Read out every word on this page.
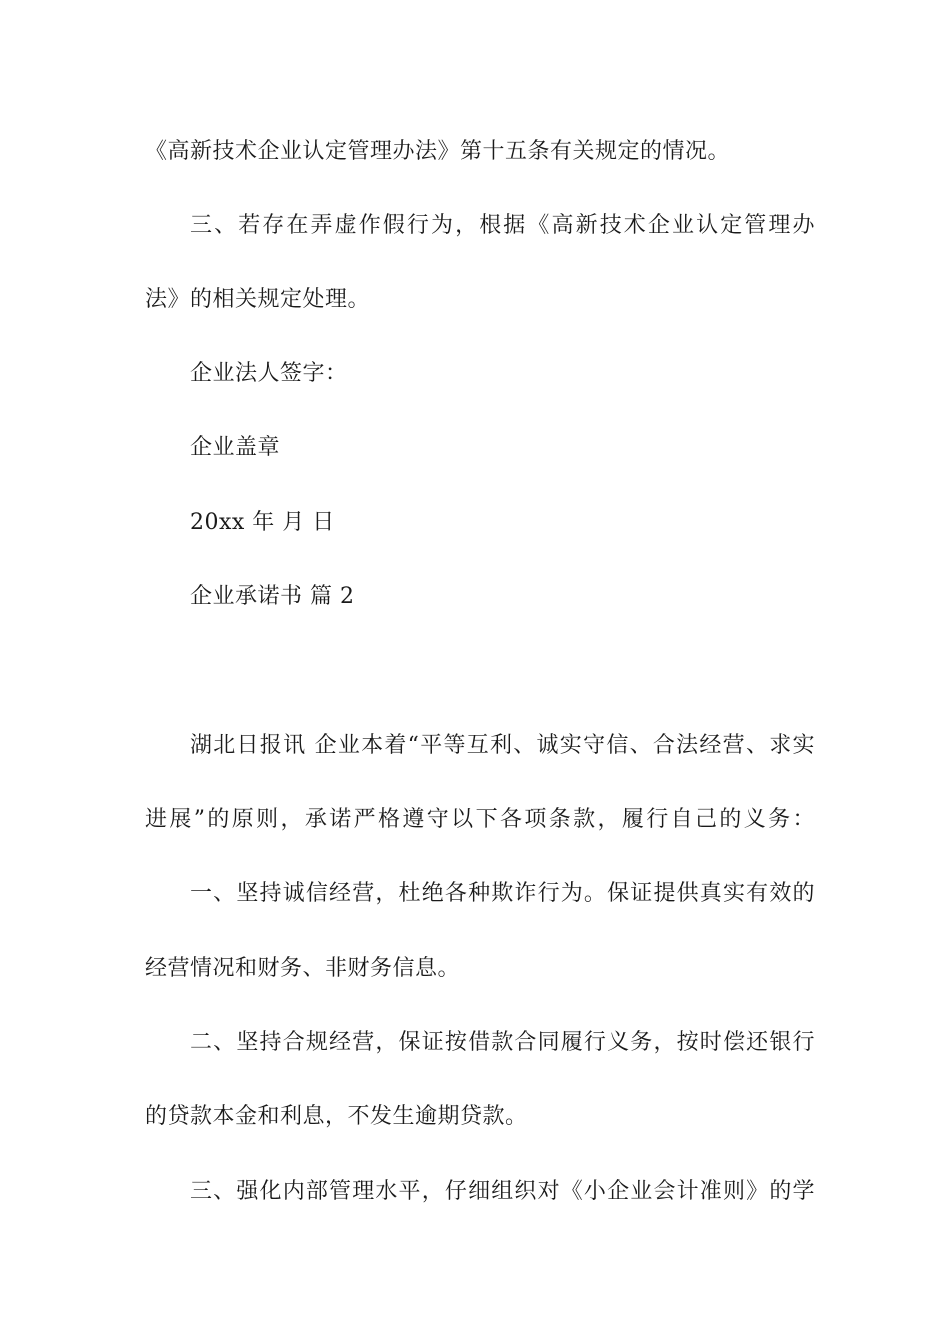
《高新技术企业认定管理办法》第十五条有关规定的情况。
三、若存在弄虚作假行为，根据《高新技术企业认定管理办
法》的相关规定处理。
企业法人签字：
企业盖章
20xx 年 月 日
企业承诺书 篇 2
湖北日报讯 企业本着“平等互利、诚实守信、合法经营、求实
进展”的原则，承诺严格遵守以下各项条款，履行自己的义务：
一、坚持诚信经营，杜绝各种欺诈行为。保证提供真实有效的
经营情况和财务、非财务信息。
二、坚持合规经营，保证按借款合同履行义务，按时偿还银行
的贷款本金和利息，不发生逾期贷款。
三、强化内部管理水平，仔细组织对《小企业会计准则》的学
